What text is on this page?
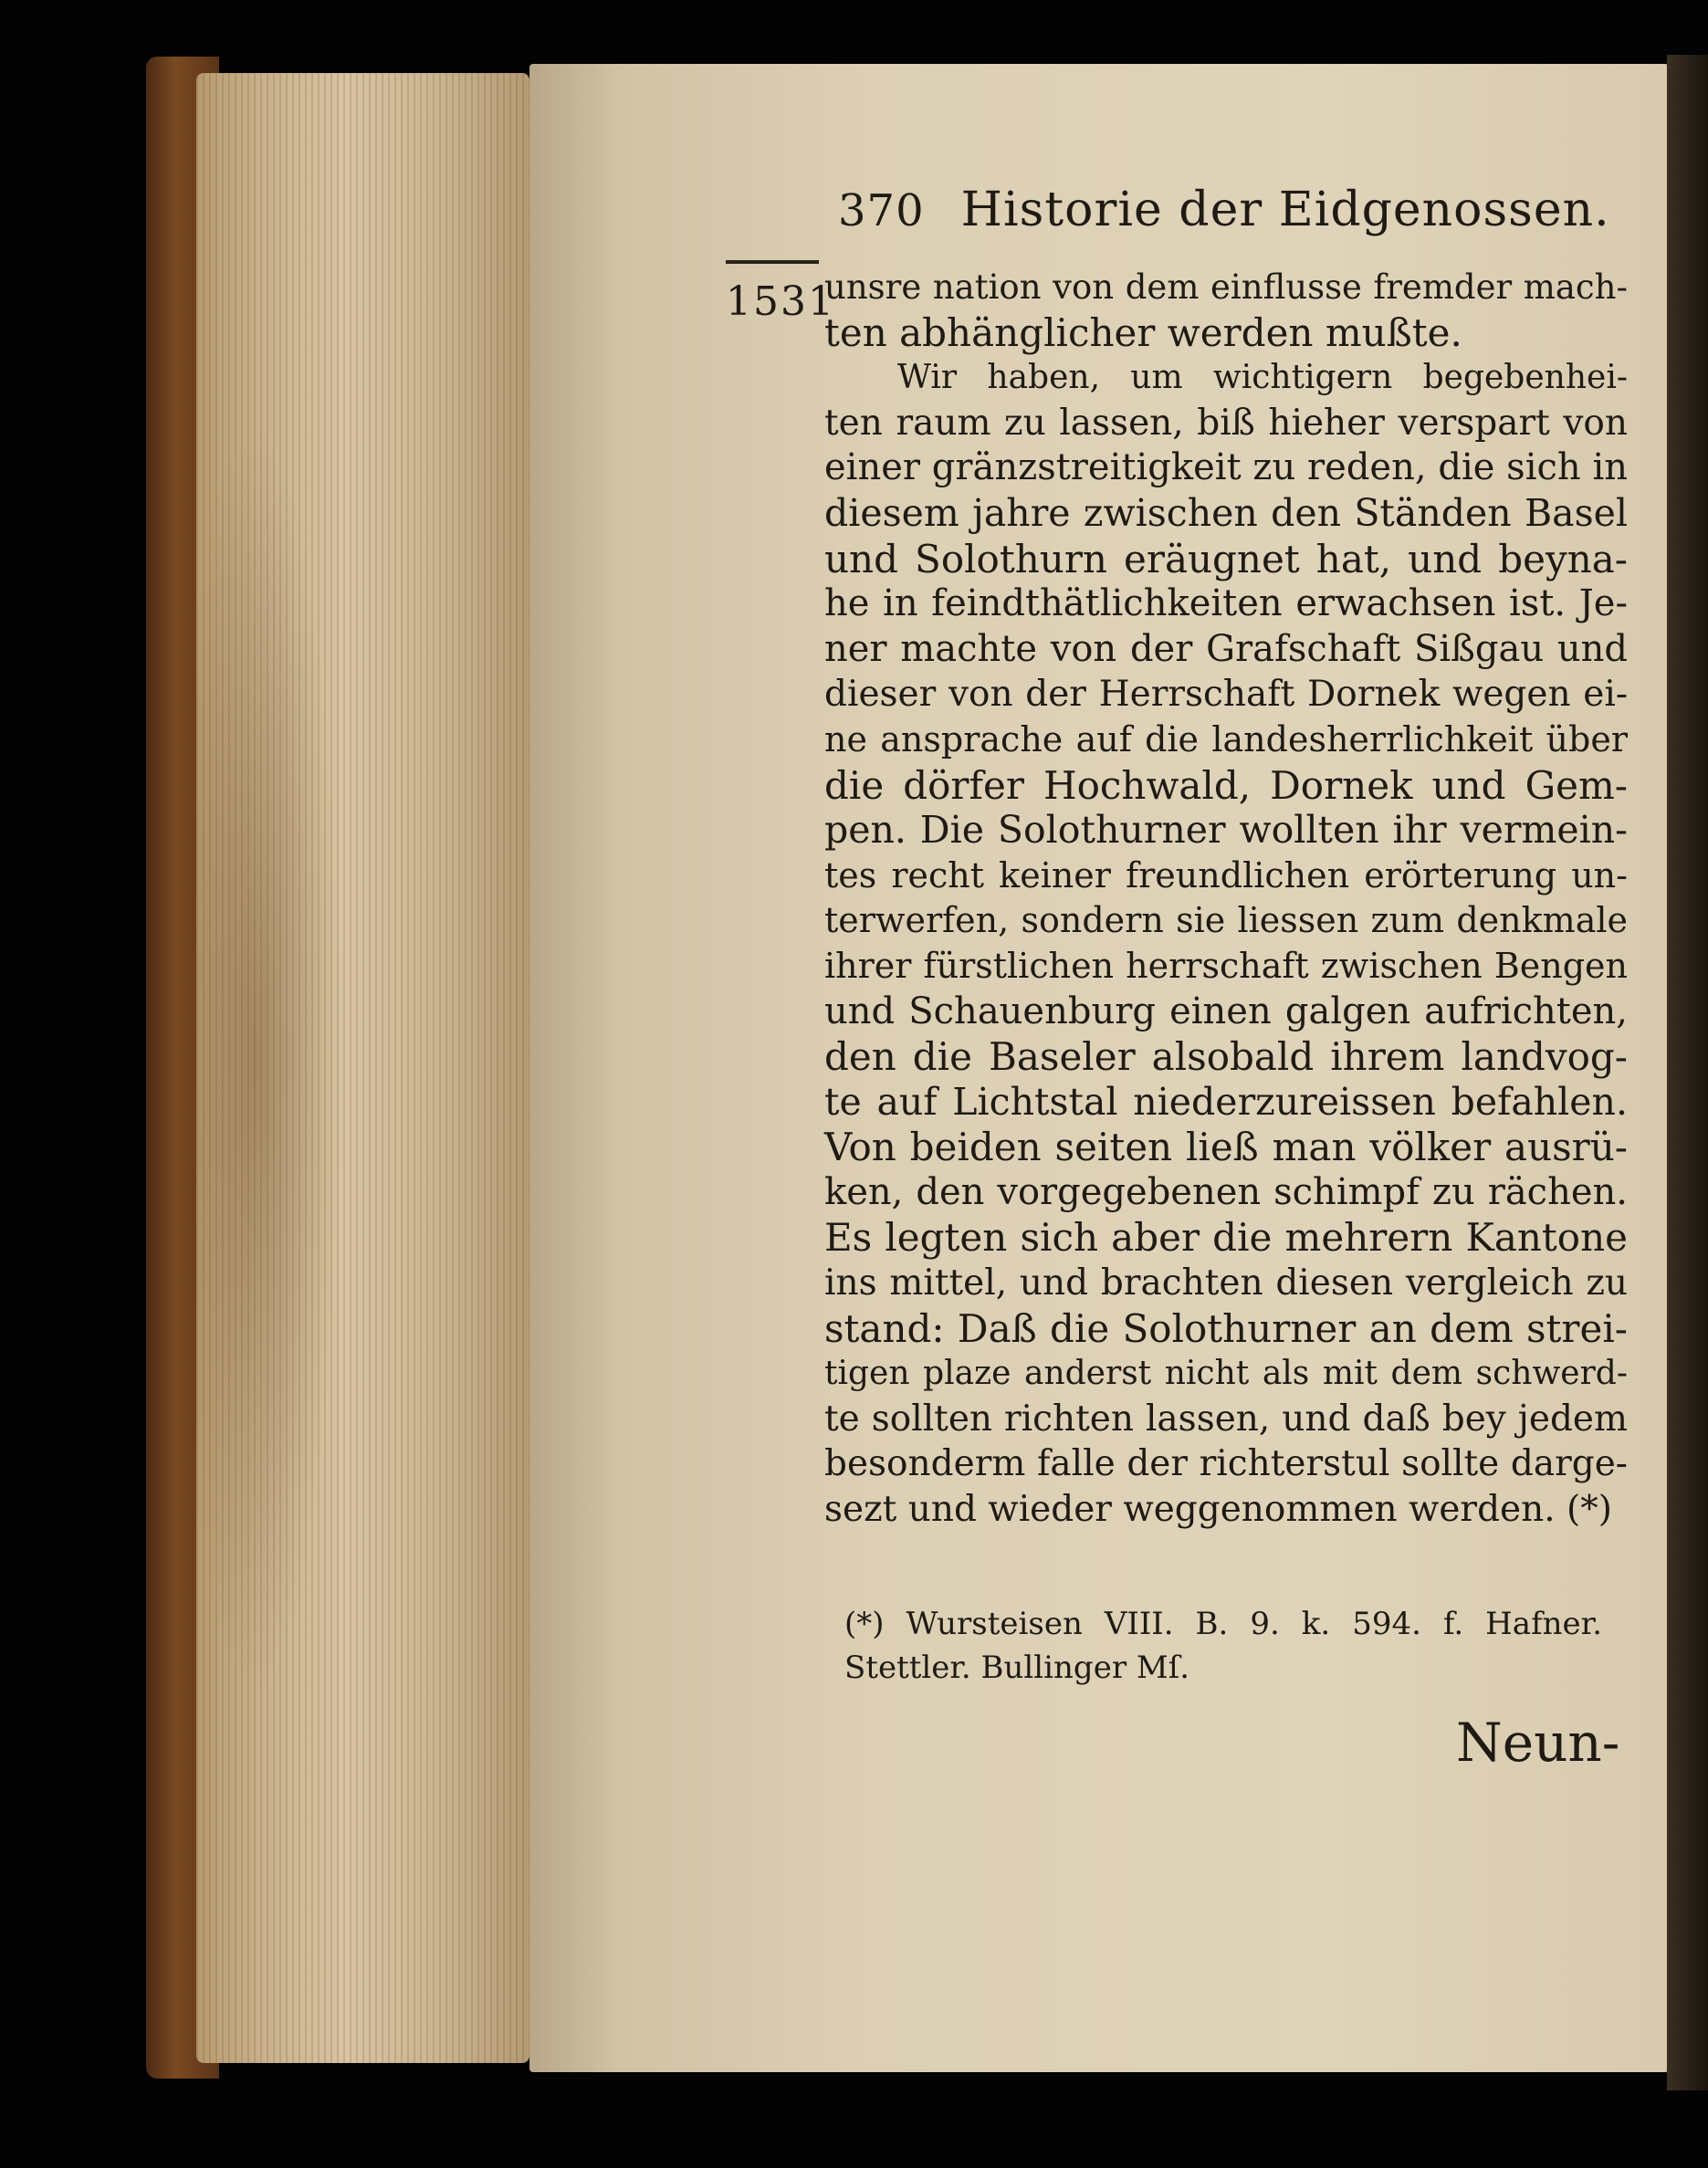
370 Historie der Eidgenossen.
1531
unsre nation von dem einflusse fremder mach-
ten abhänglicher werden mußte.
Wir haben, um wichtigern begebenhei-
ten raum zu lassen, biß hieher verspart von
einer gränzstreitigkeit zu reden, die sich in
diesem jahre zwischen den Ständen Basel
und Solothurn eräugnet hat, und beyna-
he in feindthätlichkeiten erwachsen ist. Je-
ner machte von der Grafschaft Sißgau und
dieser von der Herrschaft Dornek wegen ei-
ne ansprache auf die landesherrlichkeit über
die dörfer Hochwald, Dornek und Gem-
pen. Die Solothurner wollten ihr vermein-
tes recht keiner freundlichen erörterung un-
terwerfen, sondern sie liessen zum denkmale
ihrer fürstlichen herrschaft zwischen Bengen
und Schauenburg einen galgen aufrichten,
den die Baseler alsobald ihrem landvog-
te auf Lichtstal niederzureissen befahlen.
Von beiden seiten ließ man völker ausrü-
ken, den vorgegebenen schimpf zu rächen.
Es legten sich aber die mehrern Kantone
ins mittel, und brachten diesen vergleich zu
stand: Daß die Solothurner an dem strei-
tigen plaze anderst nicht als mit dem schwerd-
te sollten richten lassen, und daß bey jedem
besonderm falle der richterstul sollte darge-
sezt und wieder weggenommen werden. (*)
(*) Wursteisen VIII. B. 9. k. 594. f. Hafner.
Stettler. Bullinger Mſ.
Neun-
